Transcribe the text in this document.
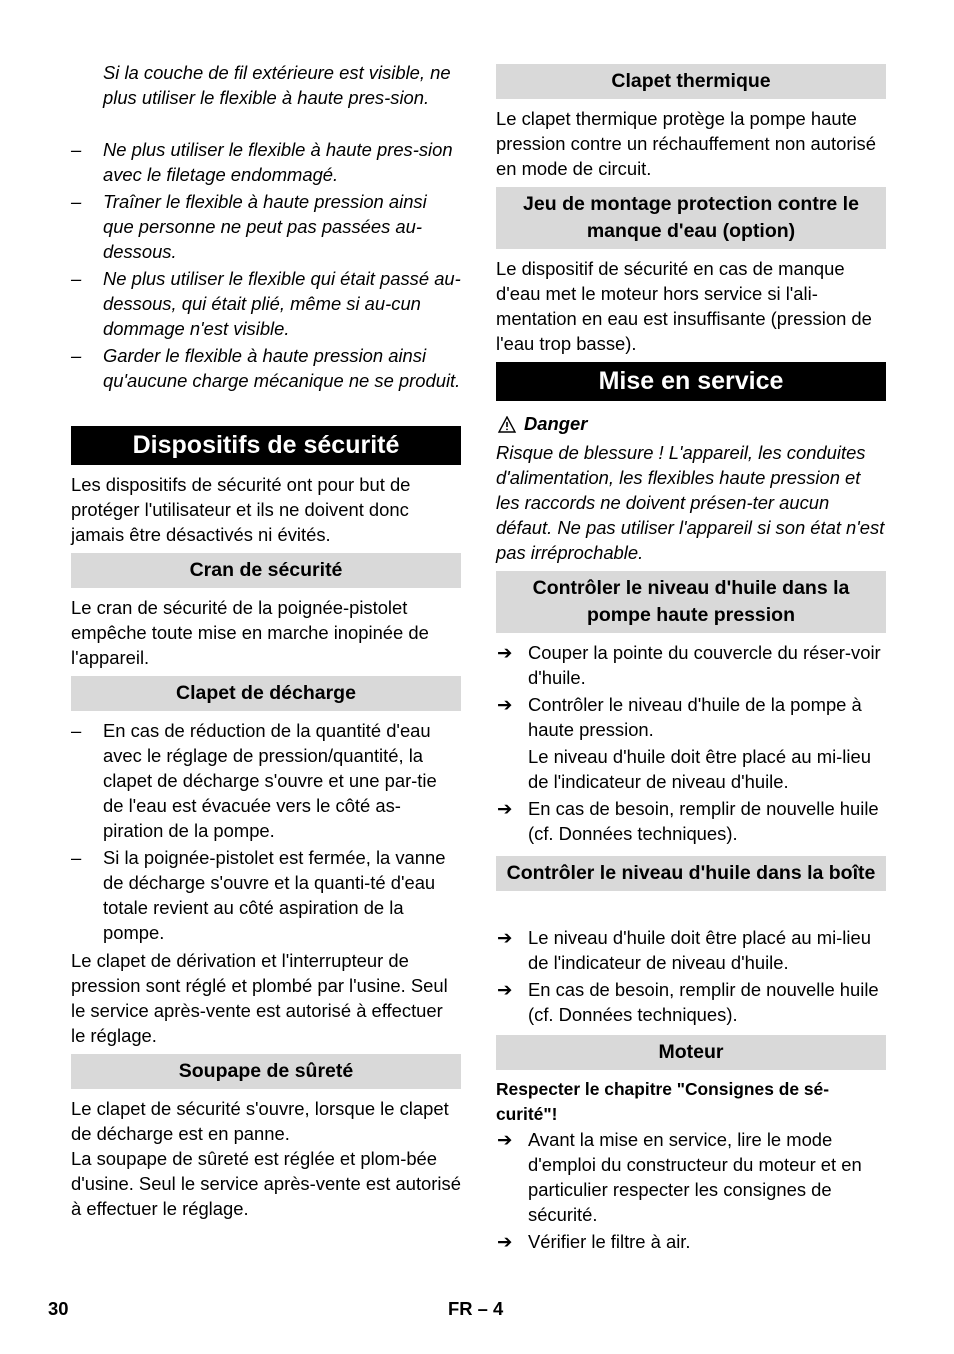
Si la couche de fil extérieure est visible, ne plus utiliser le flexible à haute pres-sion.

– Ne plus utiliser le flexible à haute pres-sion avec le filetage endommagé.
– Traîner le flexible à haute pression ainsi que personne ne peut pas passées au-dessous.
– Ne plus utiliser le flexible qui était passé au-dessous, qui était plié, même si au-cun dommage n'est visible.
– Garder le flexible à haute pression ainsi qu'aucune charge mécanique ne se produit.
Dispositifs de sécurité

Les dispositifs de sécurité ont pour but de protéger l'utilisateur et ils ne doivent donc jamais être désactivés ni évités.

Cran de sécurité

Le cran de sécurité de la poignée-pistolet empêche toute mise en marche inopinée de l'appareil.

Clapet de décharge
– En cas de réduction de la quantité d'eau avec le réglage de pression/quantité, la clapet de décharge s'ouvre et une par-tie de l'eau est évacuée vers le côté as-piration de la pompe.
– Si la poignée-pistolet est fermée, la vanne de décharge s'ouvre et la quanti-té d'eau totale revient au côté aspiration de la pompe.

Le clapet de dérivation et l'interrupteur de pression sont réglé et plombé par l'usine. Seul le service après-vente est autorisé à effectuer le réglage.

Soupape de sûreté

Le clapet de sécurité s'ouvre, lorsque le clapet de décharge est en panne.

La soupape de sûreté est réglée et plom-bée d'usine. Seul le service après-vente est autorisé à effectuer le réglage.

Clapet thermique

Le clapet thermique protège la pompe haute pression contre un réchauffement non autorisé en mode de circuit.

Jeu de montage protection contre le manque d'eau (option)

Le dispositif de sécurité en cas de manque d'eau met le moteur hors service si l'ali-mentation en eau est insuffisante (pression de l'eau trop basse).

Mise en service

Danger

Risque de blessure ! L'appareil, les conduites d'alimentation, les flexibles haute pression et les raccords ne doivent présen-ter aucun défaut. Ne pas utiliser l'appareil si son état n'est pas irréprochable.

Contrôler le niveau d'huile dans la pompe haute pression
➔ Couper la pointe du couvercle du réser-voir d'huile.
➔ Contrôler le niveau d'huile de la pompe à haute pression.

Le niveau d'huile doit être placé au mi-lieu de l'indicateur de niveau d'huile.

➔ En cas de besoin, remplir de nouvelle huile (cf. Données techniques).
Contrôler le niveau d'huile dans la boîte
➔ Le niveau d'huile doit être placé au mi-lieu de l'indicateur de niveau d'huile.
➔ En cas de besoin, remplir de nouvelle huile (cf. Données techniques).
Moteur

Respecter le chapitre "Consignes de sé-curité"!

➔ Avant la mise en service, lire le mode d'emploi du constructeur du moteur et en particulier respecter les consignes de sécurité.
➔ Vérifier le filtre à air.
30	FR – 4
